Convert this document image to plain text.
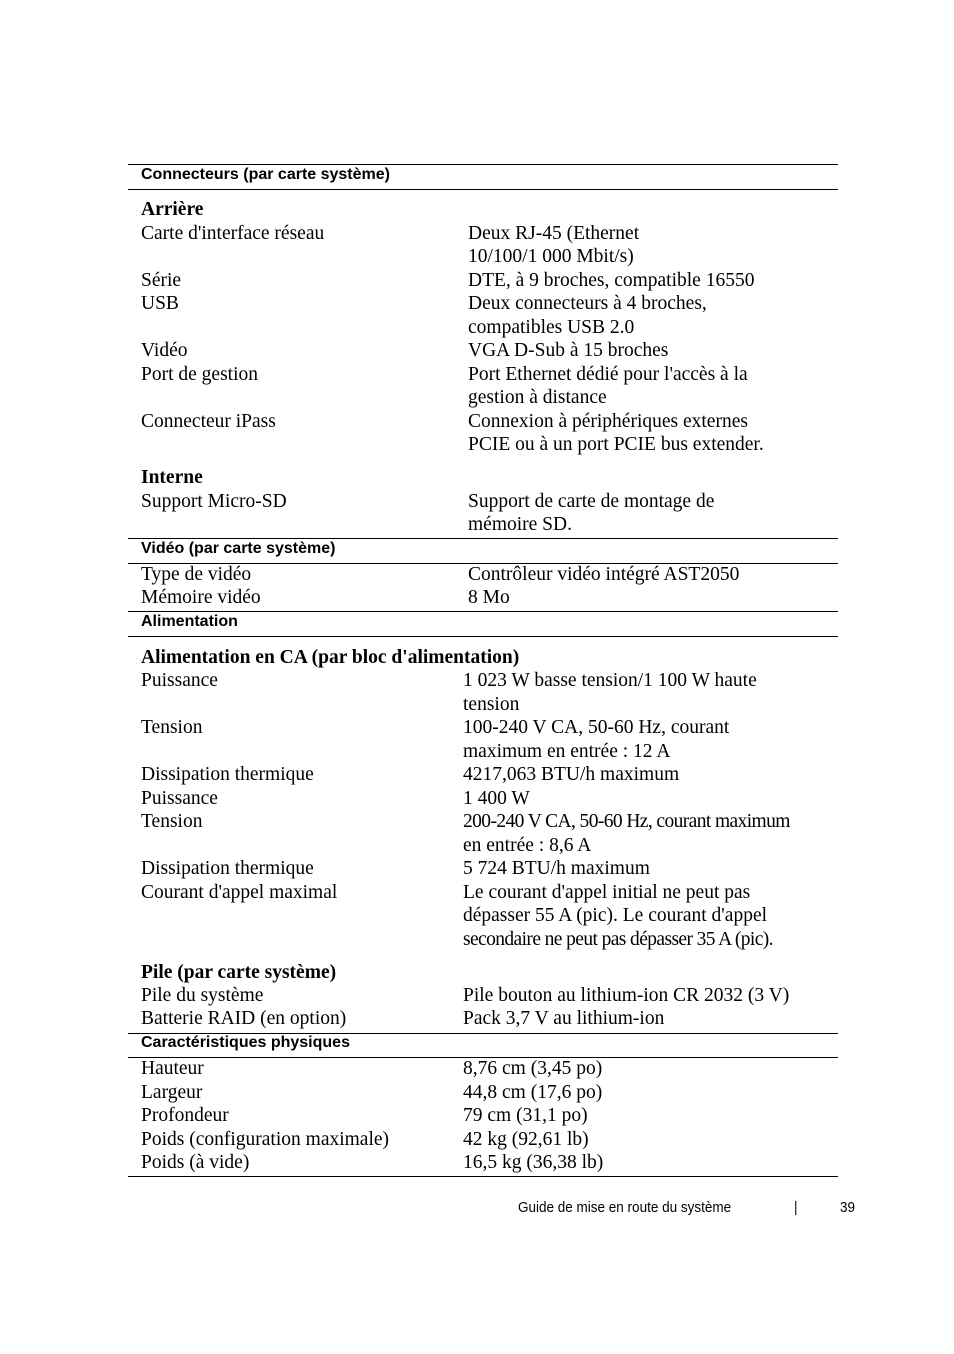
Connecteurs (par carte système)
Arrière
Carte d'interface réseau	Deux RJ-45 (Ethernet
10/100/1 000 Mbit/s)
Série	DTE, à 9 broches, compatible 16550
USB	Deux connecteurs à 4 broches,
compatibles USB 2.0
Vidéo	VGA D-Sub à 15 broches
Port de gestion	Port Ethernet dédié pour l'accès à la
gestion à distance
Connecteur iPass	Connexion à périphériques externes
PCIE ou à un port PCIE bus extender.
Interne
Support Micro-SD	Support de carte de montage de
mémoire SD.
Vidéo (par carte système)
Type de vidéo	Contrôleur vidéo intégré AST2050
Mémoire vidéo	8 Mo
Alimentation
Alimentation en CA (par bloc d'alimentation)
Puissance	1 023 W basse tension/1 100 W haute
tension
Tension	100-240 V CA, 50-60 Hz, courant
maximum en entrée : 12 A
Dissipation thermique	4217,063 BTU/h maximum
Puissance	1 400 W
Tension	200-240 V CA, 50-60 Hz, courant maximum
en entrée : 8,6 A
Dissipation thermique	5 724 BTU/h maximum
Courant d'appel maximal	Le courant d'appel initial ne peut pas
dépasser 55 A (pic). Le courant d'appel
secondaire ne peut pas dépasser 35 A (pic).
Pile (par carte système)
Pile du système	Pile bouton au lithium-ion CR 2032 (3 V)
Batterie RAID (en option)	Pack 3,7 V au lithium-ion
Caractéristiques physiques
Hauteur	8,76 cm (3,45 po)
Largeur	44,8 cm (17,6 po)
Profondeur	79 cm (31,1 po)
Poids (configuration maximale)	42 kg (92,61 lb)
Poids (à vide)	16,5 kg (36,38 lb)
Guide de mise en route du système	|	39
